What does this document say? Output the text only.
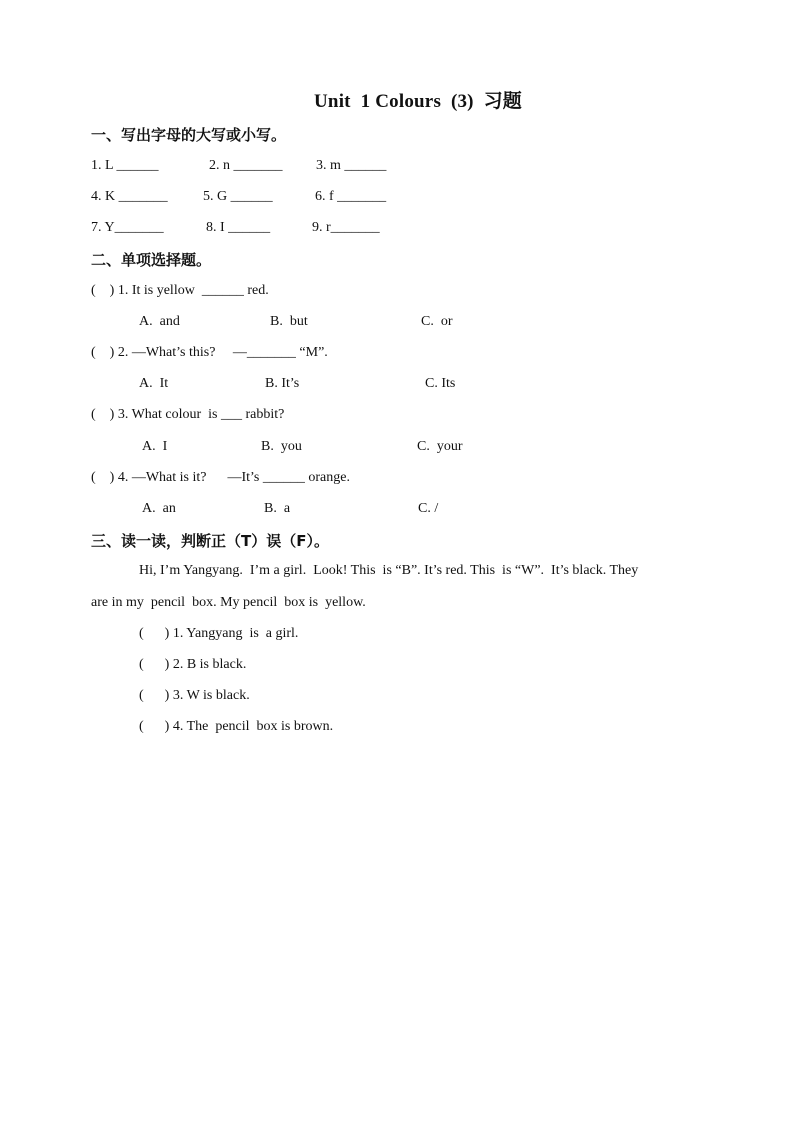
Unit  1 Colours  (3)  习题
一、写出字母的大写或小写。
1. L ______	2. n _______ 3. m ______
4. K _______	5. G ______	6. f _______
7. Y_______	8. I ______	9. r_______
二、单项选择题。
(    ) 1. It is yellow  ______ red.
A.  and	B.  but	C.  or
(    ) 2. —What’s this?     —_______ “M”.
A.  It	B. It’s	C. Its
(    ) 3. What colour  is ___ rabbit?
A.  I	B.  you	C.  your
(    ) 4. —What is it?      —It’s ______ orange.
A.  an	B.  a	C. /
三、读一读，判断正（T）误（F）。
Hi, I’m Yangyang.  I’m a girl.  Look! This  is “B”. It’s red. This  is “W”.  It’s black. They
are in my  pencil  box. My pencil  box is  yellow.
(      ) 1. Yangyang  is  a girl.
(      ) 2. B is black.
(      ) 3. W is black.
(      ) 4. The  pencil  box is brown.
